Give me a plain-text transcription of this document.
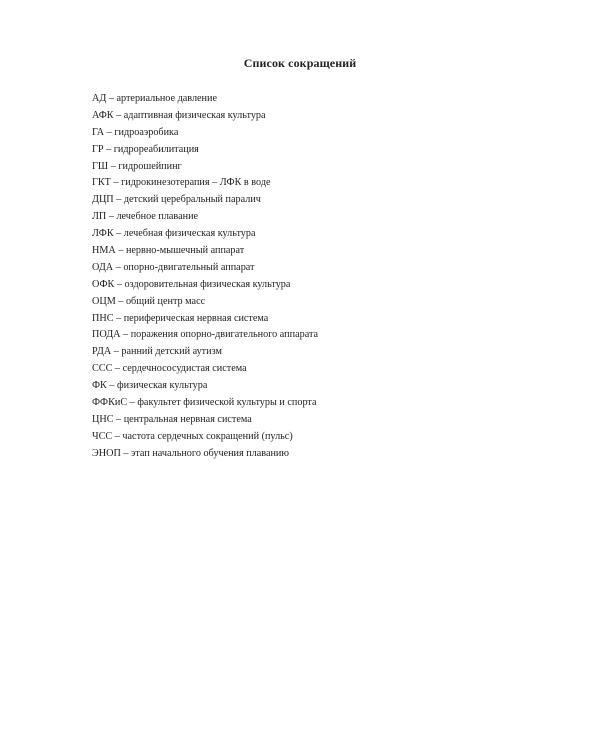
Список сокращений
АД – артериальное давление
АФК – адаптивная физическая культура
ГА – гидроаэробика
ГР – гидрореабилитация
ГШ – гидрошейпинг
ГКТ – гидрокинезотерапия – ЛФК в воде
ДЦП – детский церебральный паралич
ЛП – лечебное плавание
ЛФК – лечебная физическая культура
НМА – нервно-мышечный аппарат
ОДА – опорно-двигательный аппарат
ОФК – оздоровительная физическая культура
ОЦМ – общий центр масс
ПНС – периферическая нервная система
ПОДА – поражения опорно-двигательного аппарата
РДА – ранний детский аутизм
ССС – сердечнососудистая система
ФК – физическая культура
ФФКиС – факультет физической культуры и спорта
ЦНС – центральная нервная система
ЧСС – частота сердечных сокращений (пульс)
ЭНОП – этап начального обучения плаванию
